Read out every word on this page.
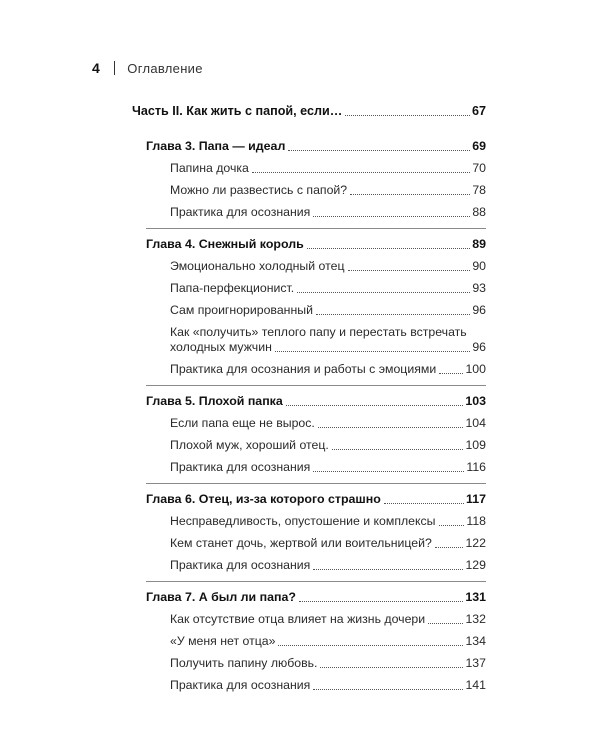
4 Оглавление
Часть II. Как жить с папой, если…	67
Глава 3. Папа — идеал	69
Папина дочка	70
Можно ли развестись с папой?	78
Практика для осознания	88
Глава 4. Снежный король	89
Эмоционально холодный отец	90
Папа-перфекционист.	93
Сам проигнорированный	96
Как «получить» теплого папу и перестать встречать
холодных мужчин	96
Практика для осознания и работы с эмоциями 100
Глава 5. Плохой папка	103
Если папа еще не вырос.	104
Плохой муж, хороший отец.	109
Практика для осознания	116
Глава 6. Отец, из-за которого страшно	117
Несправедливость, опустошение и комплексы	118
Кем станет дочь, жертвой или воительницей?	122
Практика для осознания	129
Глава 7. А был ли папа?	131
Как отсутствие отца влияет на жизнь дочери	132
«У меня нет отца»	134
Получить папину любовь.	137
Практика для осознания	141
